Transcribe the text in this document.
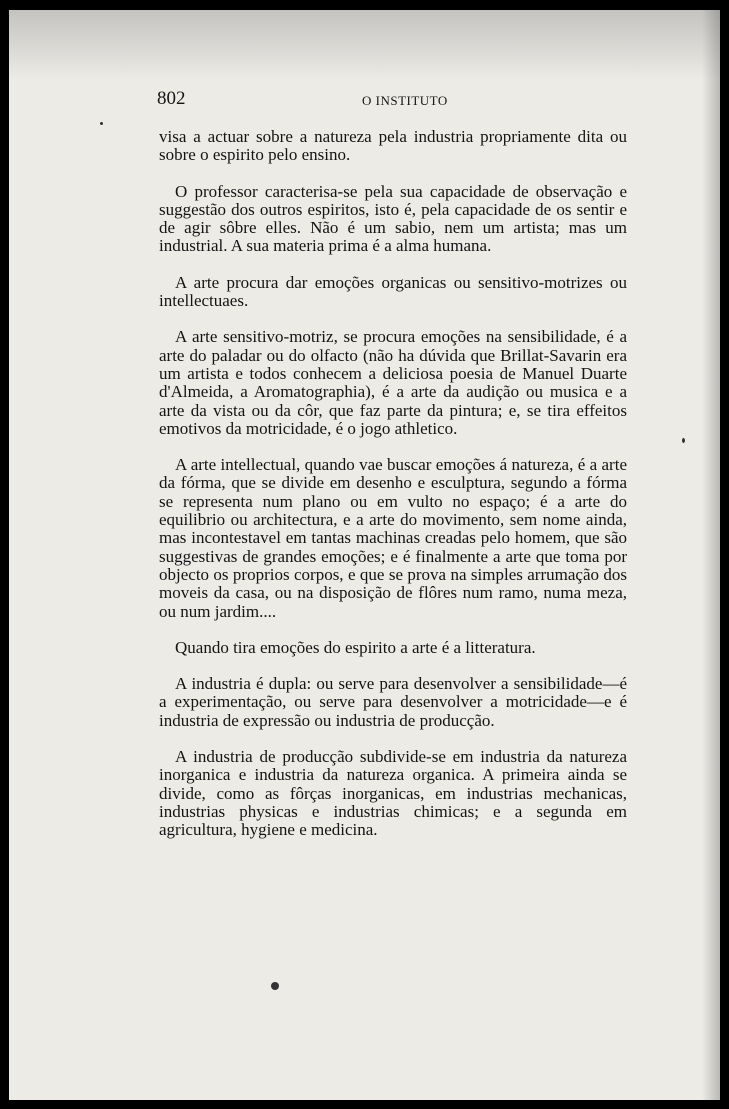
802	O INSTITUTO

visa a actuar sobre a natureza pela industria propriamente dita ou sobre o espirito pelo ensino.

O professor caracterisa-se pela sua capacidade de observação e suggestão dos outros espiritos, isto é, pela capacidade de os sentir e de agir sôbre elles. Não é um sabio, nem um artista; mas um industrial. A sua materia prima é a alma humana.

A arte procura dar emoções organicas ou sensitivo-motrizes ou intellectuaes.

A arte sensitivo-motriz, se procura emoções na sensibilidade, é a arte do paladar ou do olfacto (não ha dúvida que Brillat-Savarin era um artista e todos conhecem a deliciosa poesia de Manuel Duarte d'Almeida, a Aromatographia), é a arte da audição ou musica e a arte da vista ou da côr, que faz parte da pintura; e, se tira effeitos emotivos da motricidade, é o jogo athletico.

A arte intellectual, quando vae buscar emoções á natureza, é a arte da fórma, que se divide em desenho e esculptura, segundo a fórma se representa num plano ou em vulto no espaço; é a arte do equilibrio ou architectura, e a arte do movimento, sem nome ainda, mas incontestavel em tantas machinas creadas pelo homem, que são suggestivas de grandes emoções; e é finalmente a arte que toma por objecto os proprios corpos, e que se prova na simples arrumação dos moveis da casa, ou na disposição de flôres num ramo, numa meza, ou num jardim....

Quando tira emoções do espirito a arte é a litteratura.

A industria é dupla: ou serve para desenvolver a sensibilidade—é a experimentação, ou serve para desenvolver a motricidade—e é industria de expressão ou industria de producção.

A industria de producção subdivide-se em industria da natureza inorganica e industria da natureza organica. A primeira ainda se divide, como as fôrças inorganicas, em industrias mechanicas, industrias physicas e industrias chimicas; e a segunda em agricultura, hygiene e medicina.
